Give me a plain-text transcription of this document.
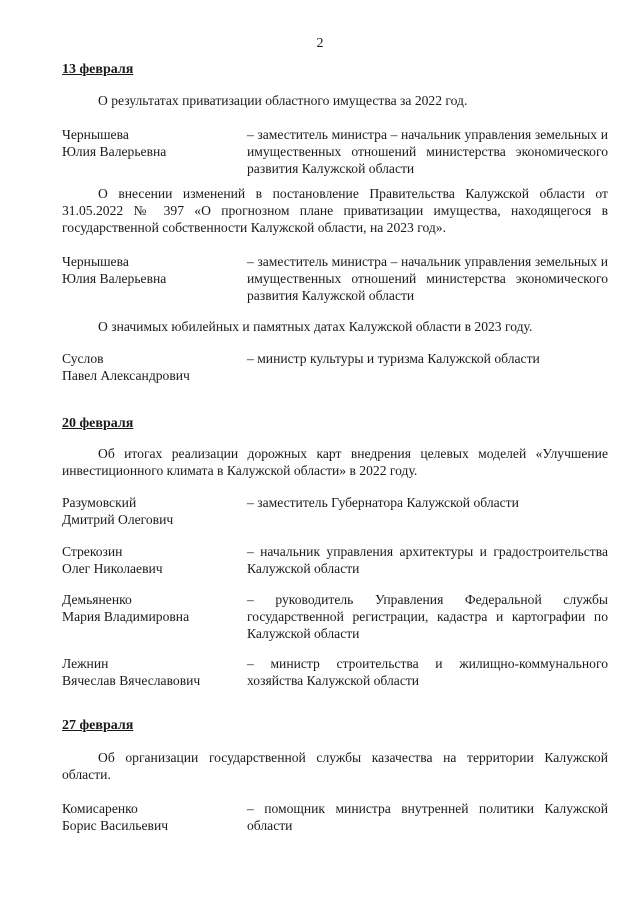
2
13 февраля
О результатах приватизации областного имущества за 2022 год.
Чернышева
Юлия Валерьевна
– заместитель министра – начальник управления земельных и имущественных отношений министерства экономического развития Калужской области
О внесении изменений в постановление Правительства Калужской области от 31.05.2022 № 397 «О прогнозном плане приватизации имущества, находящегося в государственной собственности Калужской области, на 2023 год».
Чернышева
Юлия Валерьевна
– заместитель министра – начальник управления земельных и имущественных отношений министерства экономического развития Калужской области
О значимых юбилейных и памятных датах Калужской области в 2023 году.
Суслов
Павел Александрович
– министр культуры и туризма Калужской области
20 февраля
Об итогах реализации дорожных карт внедрения целевых моделей «Улучшение инвестиционного климата в Калужской области» в 2022 году.
Разумовский
Дмитрий Олегович
– заместитель Губернатора Калужской области
Стрекозин
Олег Николаевич
– начальник управления архитектуры и градостроительства Калужской области
Демьяненко
Мария Владимировна
– руководитель Управления Федеральной службы государственной регистрации, кадастра и картографии по Калужской области
Лежнин
Вячеслав Вячеславович
– министр строительства и жилищно-коммунального хозяйства Калужской области
27 февраля
Об организации государственной службы казачества на территории Калужской области.
Комисаренко
Борис Васильевич
– помощник министра внутренней политики Калужской области
